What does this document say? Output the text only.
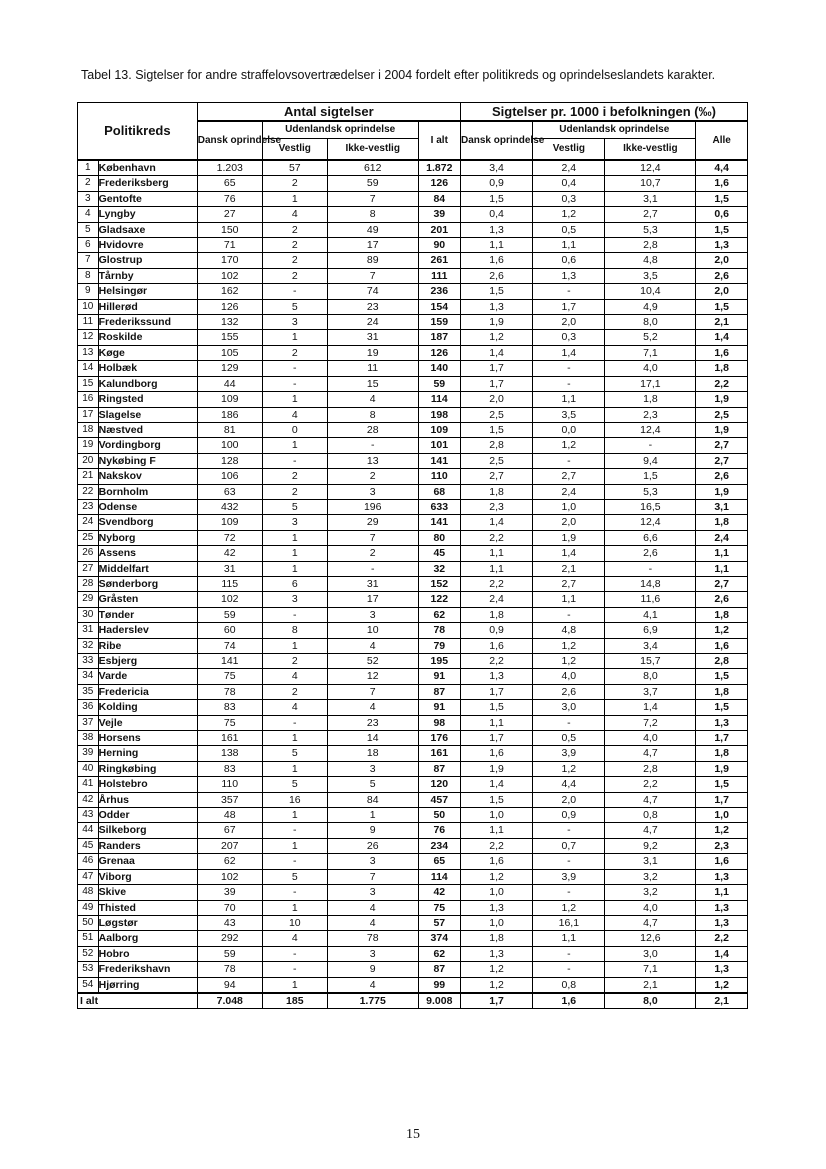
Tabel 13. Sigtelser for andre straffelovsovertrædelser i 2004 fordelt efter politikreds og oprindelseslandets karakter.
Politikreds		Antal sigtelser				Sigtelser pr. 1000 i befolkningen (‰)			
		Dansk oprindelse	Udenlandsk oprindelse		I alt	Dansk oprindelse	Udenlandsk oprindelse		Alle
			Vestlig	Ikke-vestlig			Vestlig	Ikke-vestlig	
1	København	1.203	57	612	1.872	3,4	2,4	12,4	4,4
2	Frederiksberg	65	2	59	126	0,9	0,4	10,7	1,6
3	Gentofte	76	1	7	84	1,5	0,3	3,1	1,5
4	Lyngby	27	4	8	39	0,4	1,2	2,7	0,6
5	Gladsaxe	150	2	49	201	1,3	0,5	5,3	1,5
6	Hvidovre	71	2	17	90	1,1	1,1	2,8	1,3
7	Glostrup	170	2	89	261	1,6	0,6	4,8	2,0
8	Tårnby	102	2	7	111	2,6	1,3	3,5	2,6
9	Helsingør	162	-	74	236	1,5	-	10,4	2,0
10	Hillerød	126	5	23	154	1,3	1,7	4,9	1,5
11	Frederikssund	132	3	24	159	1,9	2,0	8,0	2,1
12	Roskilde	155	1	31	187	1,2	0,3	5,2	1,4
13	Køge	105	2	19	126	1,4	1,4	7,1	1,6
14	Holbæk	129	-	11	140	1,7	-	4,0	1,8
15	Kalundborg	44	-	15	59	1,7	-	17,1	2,2
16	Ringsted	109	1	4	114	2,0	1,1	1,8	1,9
17	Slagelse	186	4	8	198	2,5	3,5	2,3	2,5
18	Næstved	81	0	28	109	1,5	0,0	12,4	1,9
19	Vordingborg	100	1	-	101	2,8	1,2	-	2,7
20	Nykøbing F	128	-	13	141	2,5	-	9,4	2,7
21	Nakskov	106	2	2	110	2,7	2,7	1,5	2,6
22	Bornholm	63	2	3	68	1,8	2,4	5,3	1,9
23	Odense	432	5	196	633	2,3	1,0	16,5	3,1
24	Svendborg	109	3	29	141	1,4	2,0	12,4	1,8
25	Nyborg	72	1	7	80	2,2	1,9	6,6	2,4
26	Assens	42	1	2	45	1,1	1,4	2,6	1,1
27	Middelfart	31	1	-	32	1,1	2,1	-	1,1
28	Sønderborg	115	6	31	152	2,2	2,7	14,8	2,7
29	Gråsten	102	3	17	122	2,4	1,1	11,6	2,6
30	Tønder	59	-	3	62	1,8	-	4,1	1,8
31	Haderslev	60	8	10	78	0,9	4,8	6,9	1,2
32	Ribe	74	1	4	79	1,6	1,2	3,4	1,6
33	Esbjerg	141	2	52	195	2,2	1,2	15,7	2,8
34	Varde	75	4	12	91	1,3	4,0	8,0	1,5
35	Fredericia	78	2	7	87	1,7	2,6	3,7	1,8
36	Kolding	83	4	4	91	1,5	3,0	1,4	1,5
37	Vejle	75	-	23	98	1,1	-	7,2	1,3
38	Horsens	161	1	14	176	1,7	0,5	4,0	1,7
39	Herning	138	5	18	161	1,6	3,9	4,7	1,8
40	Ringkøbing	83	1	3	87	1,9	1,2	2,8	1,9
41	Holstebro	110	5	5	120	1,4	4,4	2,2	1,5
42	Århus	357	16	84	457	1,5	2,0	4,7	1,7
43	Odder	48	1	1	50	1,0	0,9	0,8	1,0
44	Silkeborg	67	-	9	76	1,1	-	4,7	1,2
45	Randers	207	1	26	234	2,2	0,7	9,2	2,3
46	Grenaa	62	-	3	65	1,6	-	3,1	1,6
47	Viborg	102	5	7	114	1,2	3,9	3,2	1,3
48	Skive	39	-	3	42	1,0	-	3,2	1,1
49	Thisted	70	1	4	75	1,3	1,2	4,0	1,3
50	Løgstør	43	10	4	57	1,0	16,1	4,7	1,3
51	Aalborg	292	4	78	374	1,8	1,1	12,6	2,2
52	Hobro	59	-	3	62	1,3	-	3,0	1,4
53	Frederikshavn	78	-	9	87	1,2	-	7,1	1,3
54	Hjørring	94	1	4	99	1,2	0,8	2,1	1,2
I alt		7.048	185	1.775	9.008	1,7	1,6	8,0	2,1
15
